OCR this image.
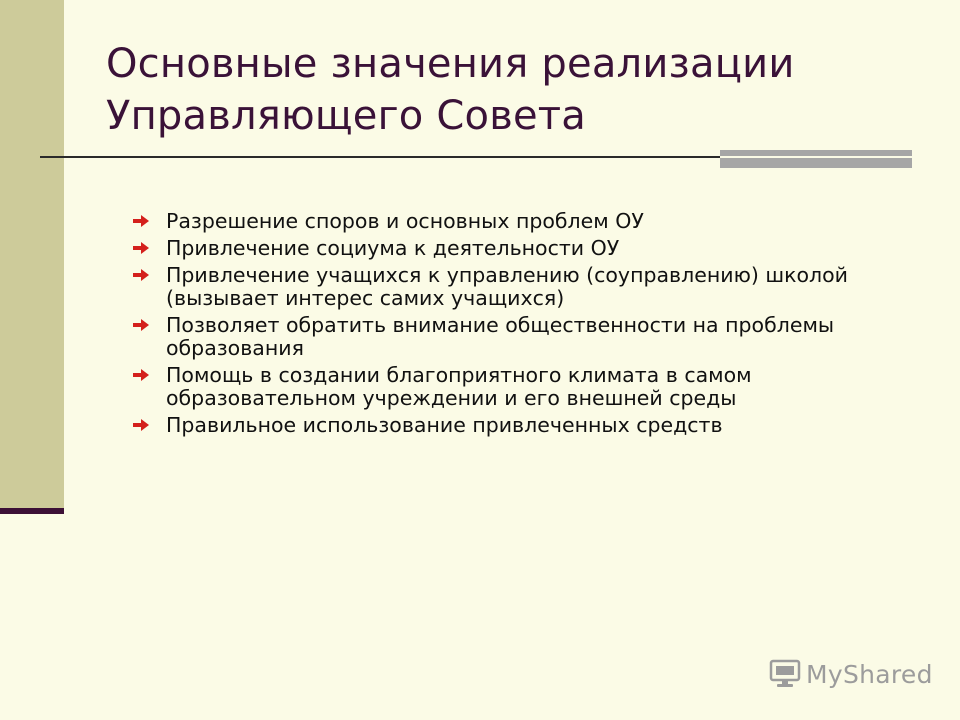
Основные значения реализации
Управляющего Совета
Разрешение споров и основных проблем ОУ
Привлечение социума к деятельности ОУ
Привлечение учащихся к управлению (соуправлению) школой (вызывает интерес самих учащихся)
Позволяет обратить внимание общественности на проблемы образования
Помощь в создании благоприятного климата в самом образовательном учреждении и его внешней среды
Правильное использование привлеченных средств
MyShared
